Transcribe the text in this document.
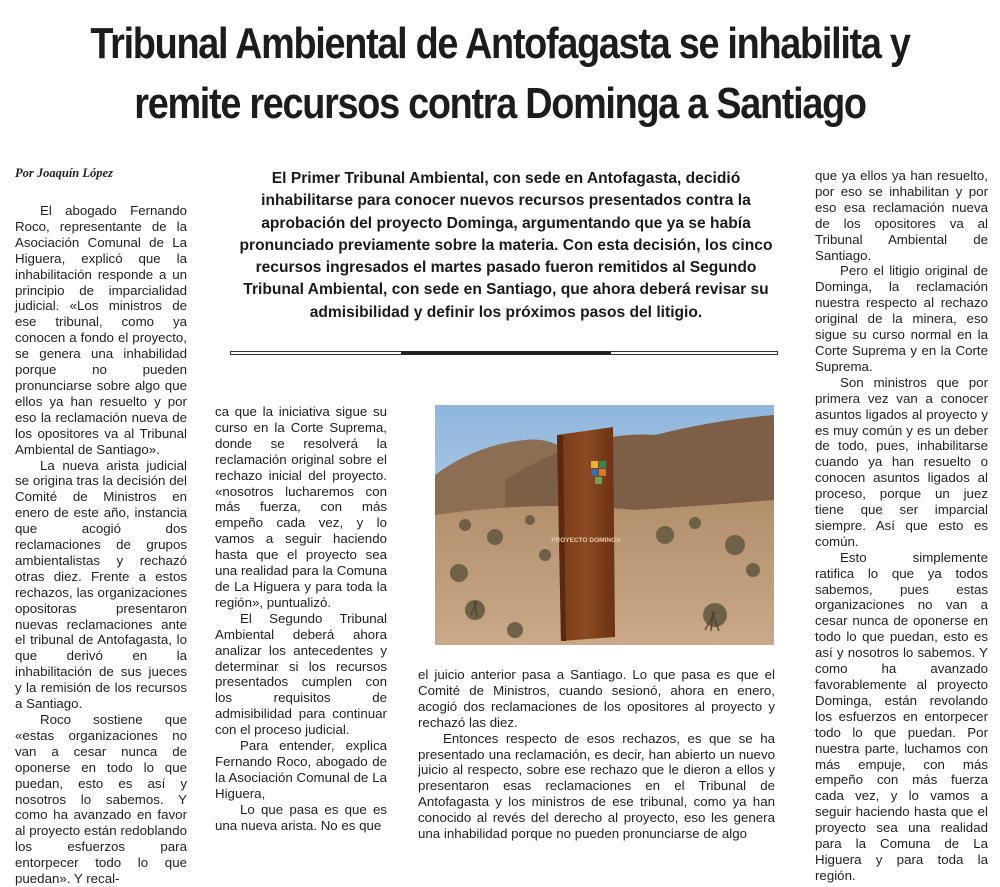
Tribunal Ambiental de Antofagasta se inhabilita y
remite recursos contra Dominga a Santiago
Por Joaquín López

El abogado Fernando Roco, representante de la Asociación Comunal de La Higuera, explicó que la inhabilitación responde a un principio de imparcialidad judicial. «Los ministros de ese tribunal, como ya conocen a fondo el proyecto, se genera una inhabilidad porque no pueden pronunciarse sobre algo que ellos ya han resuelto y por eso la reclamación nueva de los opositores va al Tribunal Ambiental de Santiago».

La nueva arista judicial se origina tras la decisión del Comité de Ministros en enero de este año, instancia que acogió dos reclamaciones de grupos ambientalistas y rechazó otras diez. Frente a estos rechazos, las organizaciones opositoras presentaron nuevas reclamaciones ante el tribunal de Antofagasta, lo que derivó en la inhabilitación de sus jueces y la remisión de los recursos a Santiago.

Roco sostiene que «estas organizaciones no van a cesar nunca de oponerse en todo lo que puedan, esto es así y nosotros lo sabemos. Y como ha avanzado en favor al proyecto están redoblando los esfuerzos para entorpecer todo lo que puedan». Y recal-

El Primer Tribunal Ambiental, con sede en Antofagasta, decidió inhabilitarse para conocer nuevos recursos presentados contra la aprobación del proyecto Dominga, argumentando que ya se había pronunciado previamente sobre la materia. Con esta decisión, los cinco recursos ingresados el martes pasado fueron remitidos al Segundo Tribunal Ambiental, con sede en Santiago, que ahora deberá revisar su admisibilidad y definir los próximos pasos del litigio.

ca que la iniciativa sigue su curso en la Corte Suprema, donde se resolverá la reclamación original sobre el rechazo inicial del proyecto. «nosotros lucharemos con más fuerza, con más empeño cada vez, y lo vamos a seguir haciendo hasta que el proyecto sea una realidad para la Comuna de La Higuera y para toda la región», puntualizó.

El Segundo Tribunal Ambiental deberá ahora analizar los antecedentes y determinar si los recursos presentados cumplen con los requisitos de admisibilidad para continuar con el proceso judicial.

Para entender, explica Fernando Roco, abogado de la Asociación Comunal de La Higuera,

Lo que pasa es que es una nueva arista. No es que

PROYECTO DOMINGA

el juicio anterior pasa a Santiago. Lo que pasa es que el Comité de Ministros, cuando sesionó, ahora en enero, acogió dos reclamaciones de los opositores al proyecto y rechazó las diez.

Entonces respecto de esos rechazos, es que se ha presentado una reclamación, es decir, han abierto un nuevo juicio al respecto, sobre ese rechazo que le dieron a ellos y presentaron esas reclamaciones en el Tribunal de Antofagasta y los ministros de ese tribunal, como ya han conocido al revés del derecho al proyecto, eso les genera una inhabilidad porque no pueden pronunciarse de algo

que ya ellos ya han resuelto, por eso se inhabilitan y por eso esa reclamación nueva de los opositores va al Tribunal Ambiental de Santiago.

Pero el litigio original de Dominga, la reclamación nuestra respecto al rechazo original de la minera, eso sigue su curso normal en la Corte Suprema y en la Corte Suprema.

Son ministros que por primera vez van a conocer asuntos ligados al proyecto y es muy común y es un deber de todo, pues, inhabilitarse cuando ya han resuelto o conocen asuntos ligados al proceso, porque un juez tiene que ser imparcial siempre. Así que esto es común.

Esto simplemente ratifica lo que ya todos sabemos, pues estas organizaciones no van a cesar nunca de oponerse en todo lo que puedan, esto es así y nosotros lo sabemos. Y como ha avanzado favorablemente al proyecto Dominga, están revolando los esfuerzos en entorpecer todo lo que puedan. Por nuestra parte, luchamos con más empuje, con más empeño con más fuerza cada vez, y lo vamos a seguir haciendo hasta que el proyecto sea una realidad para la Comuna de La Higuera y para toda la región.
